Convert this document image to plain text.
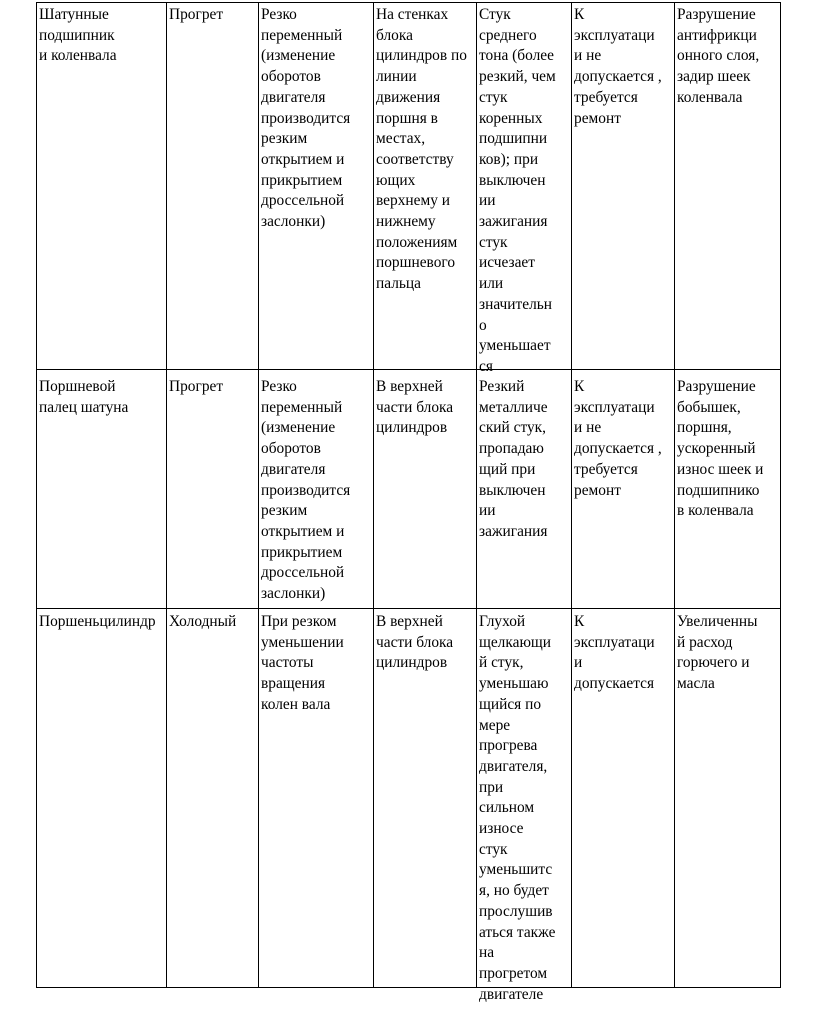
Шатунные
подшипник
и коленвала
Прогрет Резко
переменный
(изменение
оборотов
двигателя
производится
резким
открытием и
прикрытием
дроссельной
заслонки)
На стенках
блока
цилиндров по
линии
движения
поршня в
местах,
соответству
ющих
верхнему и
нижнему
положениям
поршневого
пальца
Стук
среднего
тона (более
резкий, чем
стук
коренных
подшипни
ков); при
выключен
ии
зажигания
стук
исчезает
или
значительн
о
уменьшает
ся
К
эксплуатаци
и не
допускается ,
требуется
ремонт
Разрушение
антифрикци
онного слоя,
задир шеек
коленвала
Поршневой
палец шатуна
Прогрет Резко
переменный
(изменение
оборотов
двигателя
производится
резким
открытием и
прикрытием
дроссельной
заслонки)
В верхней
части блока
цилиндров
Резкий
металличе
ский стук,
пропадаю
щий при
выключен
ии
зажигания
К
эксплуатаци
и не
допускается ,
требуется
ремонт
Разрушение
бобышек,
поршня,
ускоренный
износ шеек и
подшипнико
в коленвала
Поршеньцилиндр Холодный При резком
уменьшении
частоты
вращения
колен вала
В верхней
части блока
цилиндров
Глухой
щелкающи
й стук,
уменьшаю
щийся по
мере
прогрева
двигателя,
при
сильном
износе
стук
уменьшитс
я, но будет
прослушив
аться также
на
прогретом
двигателе
К
эксплуатаци
и
допускается
Увеличенны
й расход
горючего и
масла
